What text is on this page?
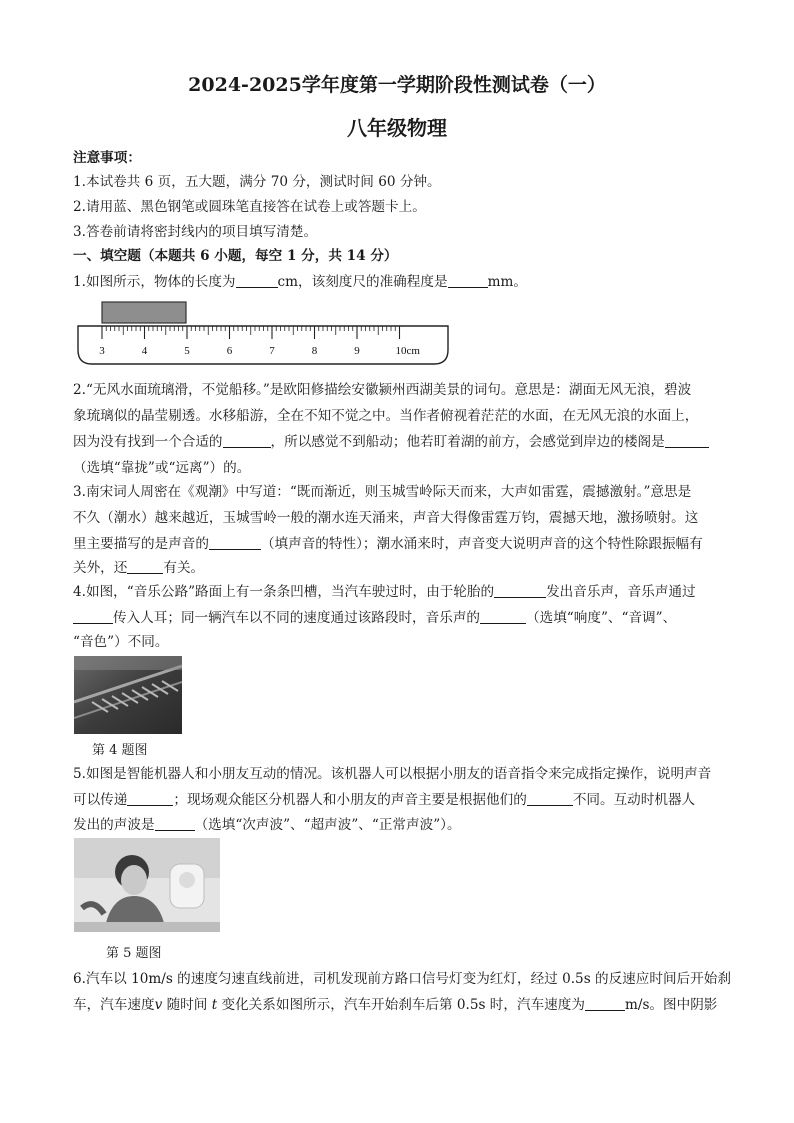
2024-2025学年度第一学期阶段性测试卷（一）
八年级物理
注意事项：
1.本试卷共 6 页，五大题，满分 70 分，测试时间 60 分钟。
2.请用蓝、黑色钢笔或圆珠笔直接答在试卷上或答题卡上。
3.答卷前请将密封线内的项目填写清楚。
一、填空题（本题共 6 小题，每空 1 分，共 14 分）
1.如图所示，物体的长度为	cm，该刻度尺的准确程度是	mm。
3	4	5	6	7	8	9	10cm
2.“无风水面琉璃滑，不觉船移。”是欧阳修描绘安徽颍州西湖美景的词句。意思是：湖面无风无浪，碧波
象琉璃似的晶莹剔透。水移船游，全在不知不觉之中。当作者俯视着茫茫的水面，在无风无浪的水面上，
因为没有找到一个合适的	，所以感觉不到船动；他若盯着湖的前方，会感觉到岸边的楼阁是
（选填“靠拢”或“远离”）的。
3.南宋词人周密在《观潮》中写道：“既而渐近，则玉城雪岭际天而来，大声如雷霆，震撼激射。”意思是
不久（潮水）越来越近，玉城雪岭一般的潮水连天涌来，声音大得像雷霆万钧，震撼天地，激扬喷射。这
里主要描写的是声音的	（填声音的特性）；潮水涌来时，声音变大说明声音的这个特性除跟振幅有
关外，还	有关。
4.如图，“音乐公路”路面上有一条条凹槽，当汽车驶过时，由于轮胎的	发出音乐声，音乐声通过
传入人耳；同一辆汽车以不同的速度通过该路段时，音乐声的	（选填“响度”、“音调”、
“音色”）不同。
第 4 题图
5.如图是智能机器人和小朋友互动的情况。该机器人可以根据小朋友的语音指令来完成指定操作，说明声音
可以传递	；现场观众能区分机器人和小朋友的声音主要是根据他们的	不同。互动时机器人
发出的声波是	（选填“次声波”、“超声波”、“正常声波”）。
第 5 题图
6.汽车以 10m/s 的速度匀速直线前进，司机发现前方路口信号灯变为红灯，经过 0.5s 的反速应时间后开始刹
车，汽车速度v 随时间 t 变化关系如图所示，汽车开始刹车后第 0.5s 时，汽车速度为	m/s。图中阴影
